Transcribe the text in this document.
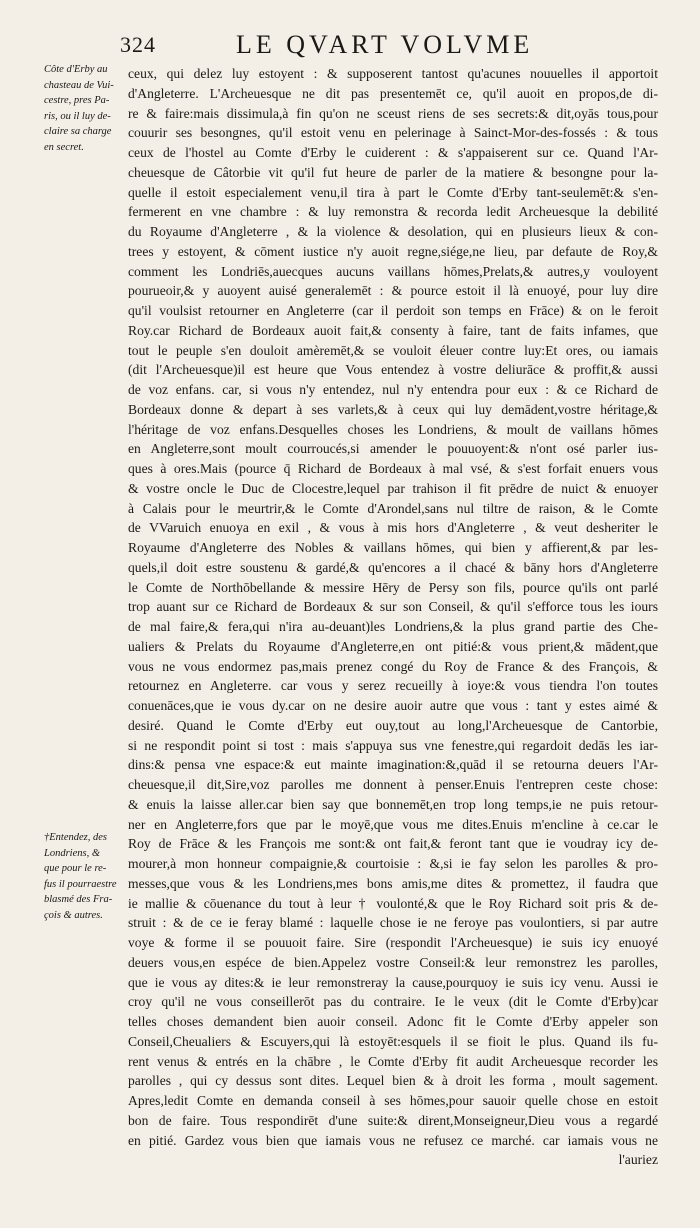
324	LE QVART VOLVME
Côte d'Erby au
chasteau de Vui-
cestre, pres Pa-
ris, ou il luy de-
claire sa charge
en secret.
†Entendez, des
Londriens, &
que pour le re-
fus il pourraestre
blasmé des Fra-
çois & autres.
ceux, qui delez luy estoyent : & supposerent tantost qu'acunes nouuelles il apportoit
d'Angleterre. L'Archeuesque ne dit pas presentemēt ce, qu'il auoit en propos,de di-
re & faire:mais dissimula,à fin qu'on ne sceust riens de ses secrets:& dit,oyās tous,pour
couurir ses besongnes, qu'il estoit venu en pelerinage à Sainct-Mor-des-fossés : & tous
ceux de l'hostel au Comte d'Erby le cuiderent : & s'appaiserent sur ce. Quand l'Ar-
cheuesque de Câtorbie vit qu'il fut heure de parler de la matiere & besongne pour la-
quelle il estoit especialement venu,il tira à part le Comte d'Erby tant-seulemēt:& s'en-
fermerent en vne chambre : & luy remonstra & recorda ledit Archeuesque la debilité
du Royaume d'Angleterre , & la violence & desolation, qui en plusieurs lieux & con-
trees y estoyent, & cōment iustice n'y auoit regne,siége,ne lieu, par defaute de Roy,&
comment les Londriēs,auecques aucuns vaillans hōmes,Prelats,& autres,y vouloyent
pourueoir,& y auoyent auisé generalemēt : & pource estoit il là enuoyé, pour luy dire
qu'il voulsist retourner en Angleterre (car il perdoit son temps en Frāce) & on le feroit
Roy.car Richard de Bordeaux auoit fait,& consenty à faire, tant de faits infames, que
tout le peuple s'en douloit amèremēt,& se vouloit éleuer contre luy:Et ores, ou iamais
(dit l'Archeuesque)il est heure que Vous entendez à vostre deliurāce & proffit,& aussi
de voz enfans. car, si vous n'y entendez, nul n'y entendra pour eux : & ce Richard de
Bordeaux donne & depart à ses varlets,& à ceux qui luy demādent,vostre héritage,&
l'héritage de voz enfans.Desquelles choses les Londriens, & moult de vaillans hōmes
en Angleterre,sont moult courroucés,si amender le pouuoyent:& n'ont osé parler ius-
ques à ores.Mais (pource q̄ Richard de Bordeaux à mal vsé, & s'est forfait enuers vous
& vostre oncle le Duc de Clocestre,lequel par trahison il fit prēdre de nuict & enuoyer
à Calais pour le meurtrir,& le Comte d'Arondel,sans nul tiltre de raison, & le Comte
de VVaruich enuoya en exil , & vous à mis hors d'Angleterre , & veut desheriter le
Royaume d'Angleterre des Nobles & vaillans hōmes, qui bien y affierent,& par les-
quels,il doit estre soustenu & gardé,& qu'encores a il chacé & bāny hors d'Angleterre
le Comte de Northōbellande & messire Hēry de Persy son fils, pource qu'ils ont parlé
trop auant sur ce Richard de Bordeaux & sur son Conseil, & qu'il s'efforce tous les iours
de mal faire,& fera,qui n'ira au-deuant)les Londriens,& la plus grand partie des Che-
ualiers & Prelats du Royaume d'Angleterre,en ont pitié:& vous prient,& mādent,que
vous ne vous endormez pas,mais prenez congé du Roy de France & des François, &
retournez en Angleterre. car vous y serez recueilly à ioye:& vous tiendra l'on toutes
conuenāces,que ie vous dy.car on ne desire auoir autre que vous : tant y estes aimé &
desiré. Quand le Comte d'Erby eut ouy,tout au long,l'Archeuesque de Cantorbie,
si ne respondit point si tost : mais s'appuya sus vne fenestre,qui regardoit dedās les iar-
dins:& pensa vne espace:& eut mainte imagination:&,quād il se retourna deuers l'Ar-
cheuesque,il dit,Sire,voz parolles me donnent à penser.Enuis l'entrepren ceste chose:
& enuis la laisse aller.car bien say que bonnemēt,en trop long temps,ie ne puis retour-
ner en Angleterre,fors que par le moyē,que vous me dites.Enuis m'encline à ce.car le
Roy de Frāce & les François me sont:& ont fait,& feront tant que ie voudray icy de-
mourer,à mon honneur compaignie,& courtoisie : &,si ie fay selon les parolles & pro-
messes,que vous & les Londriens,mes bons amis,me dites & promettez, il faudra que
ie mallie & cōuenance du tout à leur † voulonté,& que le Roy Richard soit pris & de-
struit : & de ce ie feray blamé : laquelle chose ie ne feroye pas voulontiers, si par autre
voye & forme il se pouuoit faire. Sire (respondit l'Archeuesque) ie suis icy enuoyé
deuers vous,en espéce de bien.Appelez vostre Conseil:& leur remonstrez les parolles,
que ie vous ay dites:& ie leur remonstreray la cause,pourquoy ie suis icy venu. Aussi ie
croy qu'il ne vous conseillerōt pas du contraire. Ie le veux (dit le Comte d'Erby)car
telles choses demandent bien auoir conseil. Adonc fit le Comte d'Erby appeler son
Conseil,Cheualiers & Escuyers,qui là estoyēt:esquels il se fioit le plus. Quand ils fu-
rent venus & entrés en la chābre , le Comte d'Erby fit audit Archeuesque recorder les
parolles , qui cy dessus sont dites. Lequel bien & à droit les forma , moult sagement.
Apres,ledit Comte en demanda conseil à ses hōmes,pour sauoir quelle chose en estoit
bon de faire. Tous respondirēt d'une suite:& dirent,Monseigneur,Dieu vous a regardé
en pitié. Gardez vous bien que iamais vous ne refusez ce marché. car iamais vous ne
l'auriez
